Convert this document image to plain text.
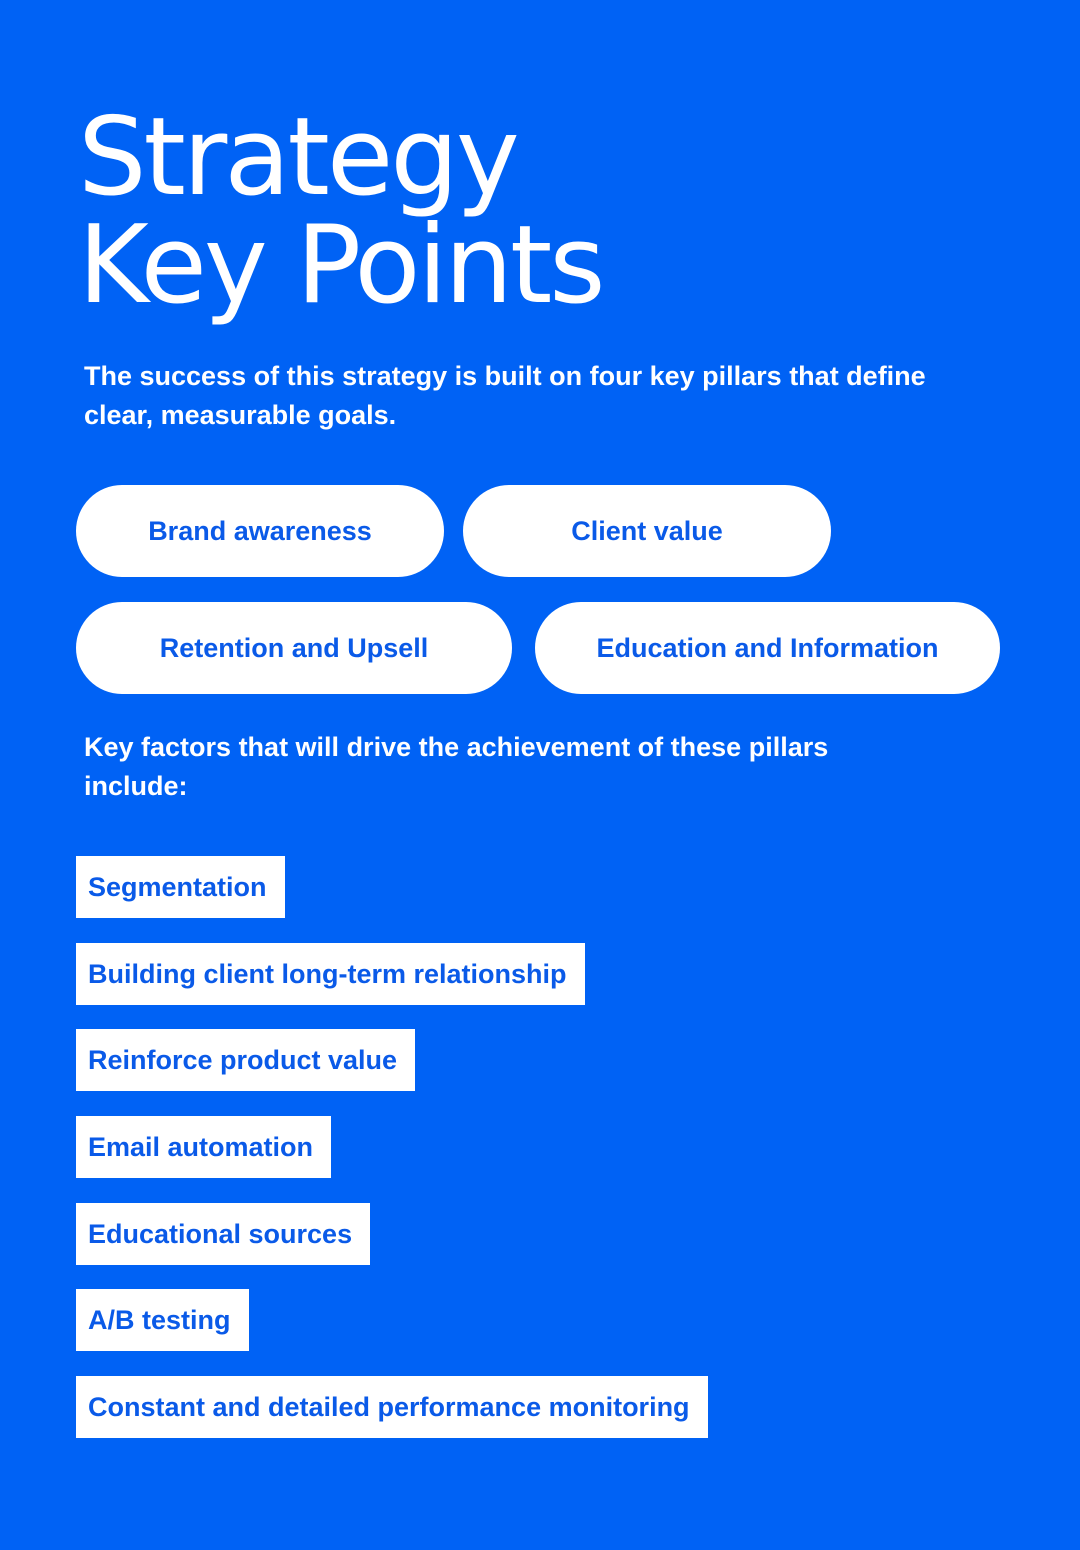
Strategy
Key Points

The success of this strategy is built on four key pillars that define clear, measurable goals.

Brand awareness	Client value
Retention and Upsell	Education and Information

Key factors that will drive the achievement of these pillars include:

Segmentation
Building client long-term relationship
Reinforce product value
Email automation
Educational sources
A/B testing
Constant and detailed performance monitoring
